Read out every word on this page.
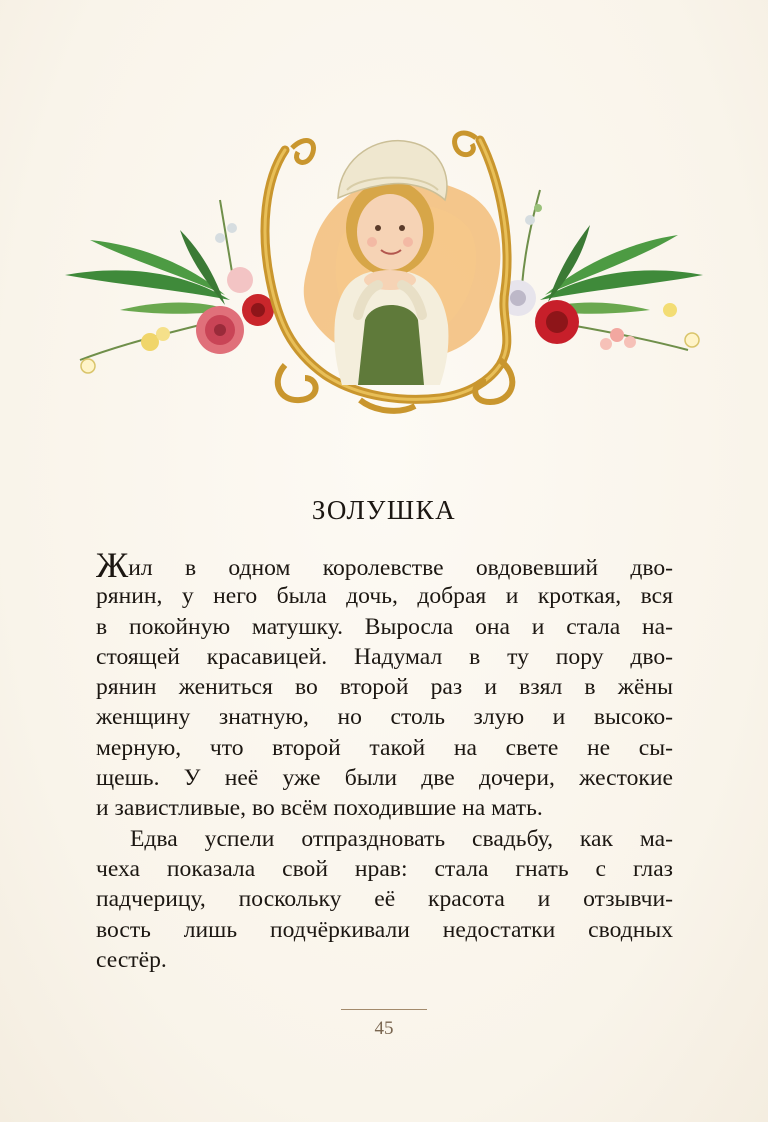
ЗОЛУШКА
Жил в одном королевстве овдовевший дво-
рянин, у него была дочь, добрая и кроткая, вся
в покойную матушку. Выросла она и стала на-
стоящей красавицей. Надумал в ту пору дво-
рянин жениться во второй раз и взял в жёны
женщину знатную, но столь злую и высоко-
мерную, что второй такой на свете не сы-
щешь. У неё уже были две дочери, жестокие
и завистливые, во всём походившие на мать.
Едва успели отпраздновать свадьбу, как ма-
чеха показала свой нрав: стала гнать с глаз
падчерицу, поскольку её красота и отзывчи-
вость лишь подчёркивали недостатки сводных
сестёр.
45
